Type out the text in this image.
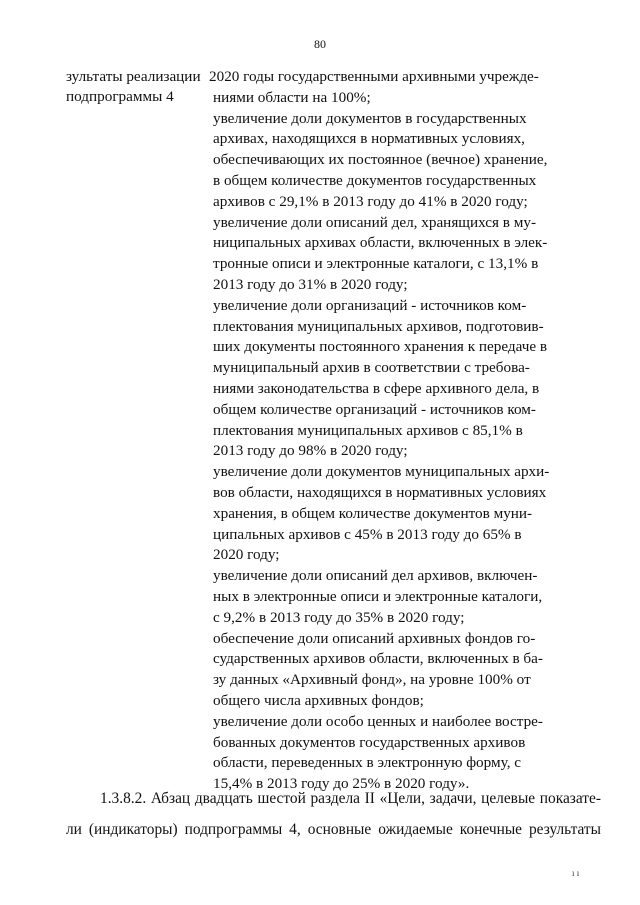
80
зультаты реализации
подпрограммы 4
2020 годы государственными архивными учрежде-
ниями области на 100%;
увеличение доли документов в государственных
архивах, находящихся в нормативных условиях,
обеспечивающих их постоянное (вечное) хранение,
в общем количестве документов государственных
архивов с 29,1% в 2013 году до 41% в 2020 году;
увеличение доли описаний дел, хранящихся в му-
ниципальных архивах области, включенных в элек-
тронные описи и электронные каталоги, с 13,1% в
2013 году до 31% в 2020 году;
увеличение доли организаций - источников ком-
плектования муниципальных архивов, подготовив-
ших документы постоянного хранения к передаче в
муниципальный архив в соответствии с требова-
ниями законодательства в сфере архивного дела, в
общем количестве организаций - источников ком-
плектования муниципальных архивов с 85,1% в
2013 году до 98% в 2020 году;
увеличение доли документов муниципальных архи-
вов области, находящихся в нормативных условиях
хранения, в общем количестве документов муни-
ципальных архивов с 45% в 2013 году до 65% в
2020 году;
увеличение доли описаний дел архивов, включен-
ных в электронные описи и электронные каталоги,
с 9,2% в 2013 году до 35% в 2020 году;
обеспечение доли описаний архивных фондов го-
сударственных архивов области, включенных в ба-
зу данных «Архивный фонд», на уровне 100% от
общего числа архивных фондов;
увеличение доли особо ценных и наиболее востре-
бованных документов государственных архивов
области, переведенных в электронную форму, с
15,4% в 2013 году до 25% в 2020 году».
1.3.8.2. Абзац двадцать шестой раздела II «Цели, задачи, целевые показате-
ли (индикаторы) подпрограммы 4, основные ожидаемые конечные результаты
ı ı
